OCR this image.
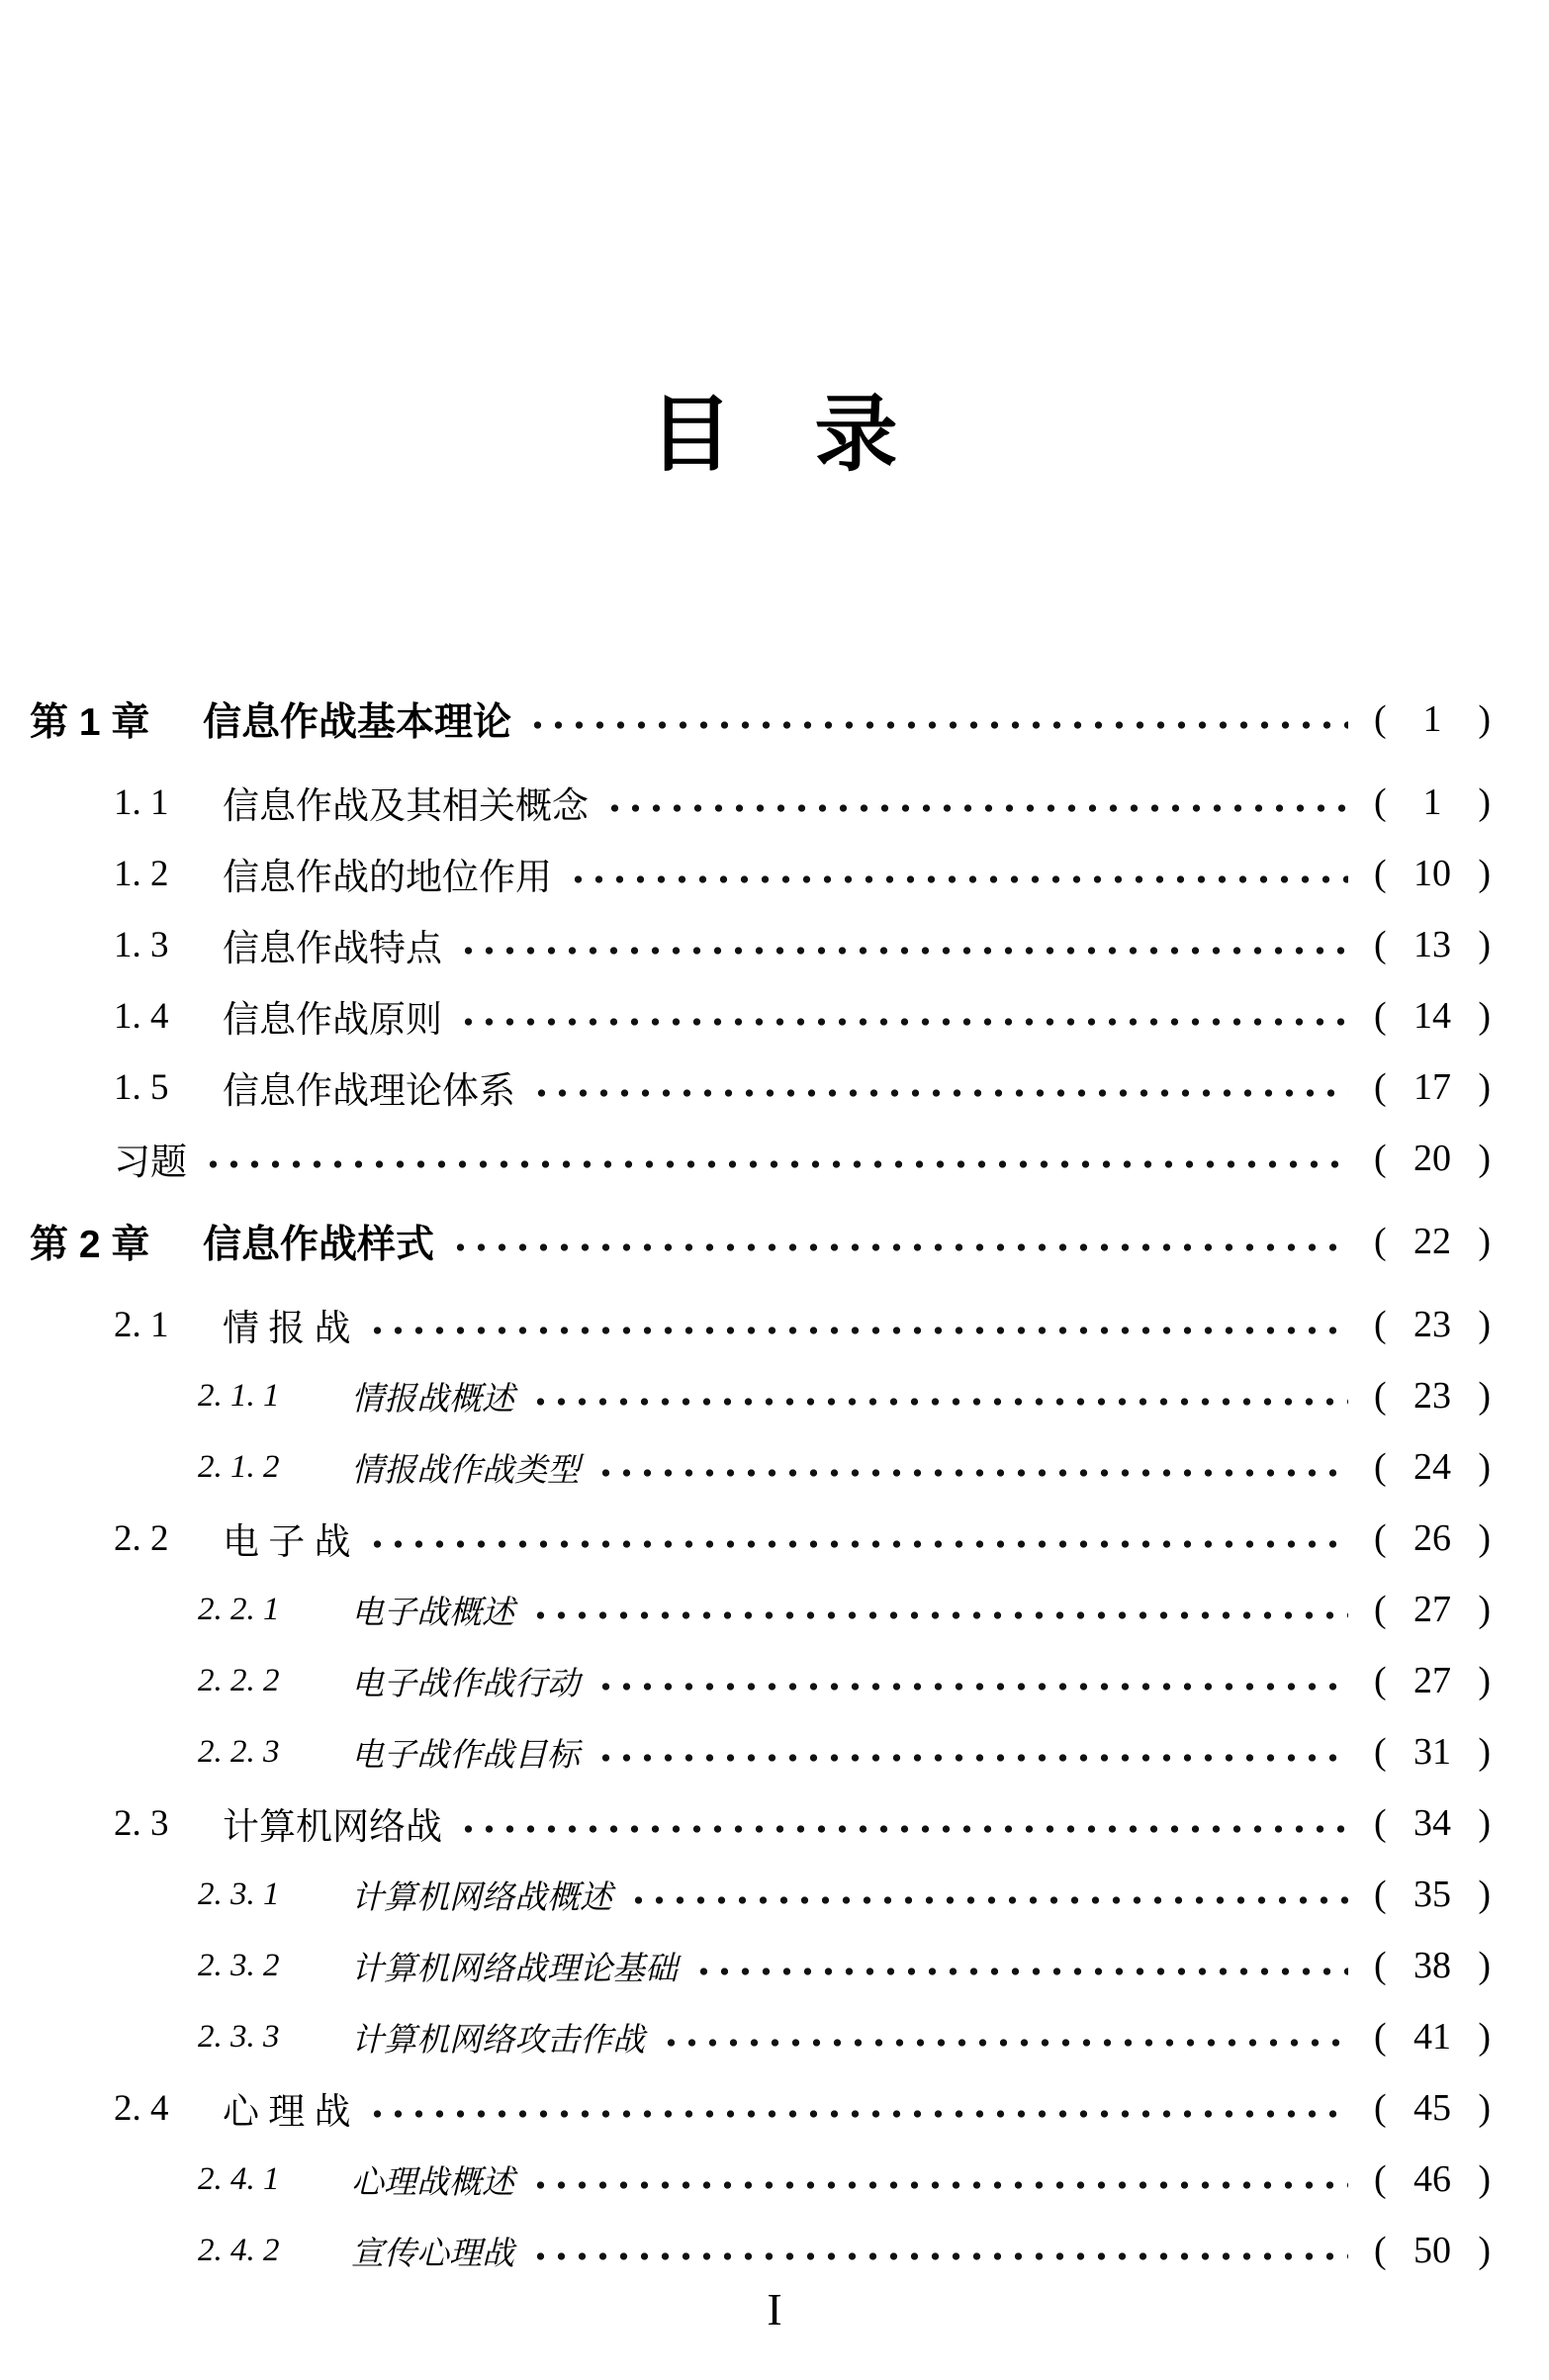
目 录
第 1 章	信息作战基本理论	( 1 )
1. 1	信息作战及其相关概念	( 1 )
1. 2	信息作战的地位作用	( 10 )
1. 3	信息作战特点	( 13 )
1. 4	信息作战原则	( 14 )
1. 5	信息作战理论体系	( 17 )
习题	( 20 )
第 2 章	信息作战样式	( 22 )
2. 1	情 报 战	( 23 )
2. 1. 1	情报战概述	( 23 )
2. 1. 2	情报战作战类型	( 24 )
2. 2	电 子 战	( 26 )
2. 2. 1	电子战概述	( 27 )
2. 2. 2	电子战作战行动	( 27 )
2. 2. 3	电子战作战目标	( 31 )
2. 3	计算机网络战	( 34 )
2. 3. 1	计算机网络战概述	( 35 )
2. 3. 2	计算机网络战理论基础	( 38 )
2. 3. 3	计算机网络攻击作战	( 41 )
2. 4	心 理 战	( 45 )
2. 4. 1	心理战概述	( 46 )
2. 4. 2	宣传心理战	( 50 )
I
